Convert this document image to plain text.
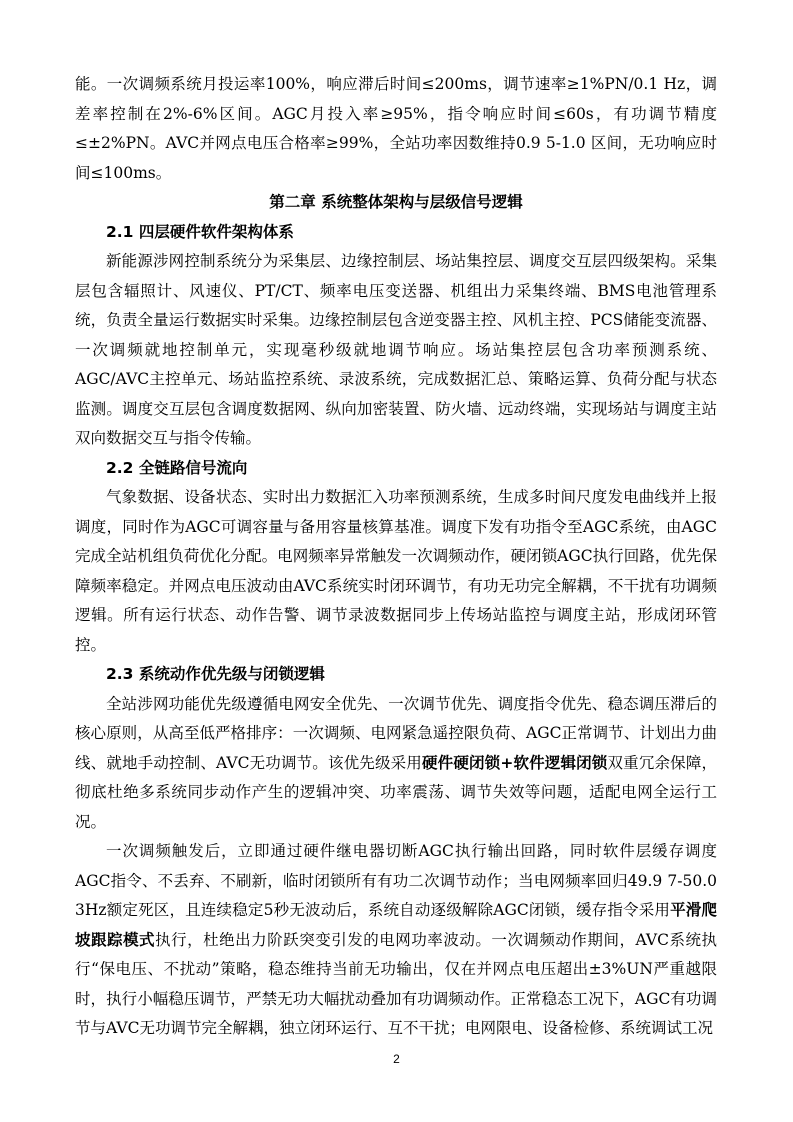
能。一次调频系统月投运率100%，响应滞后时间≤200ms，调节速率≥1%PN/0.1 Hz，调差率控制在2%-6%区间。AGC月投入率≥95%，指令响应时间≤60s，有功调节精度≤±2%PN。AVC并网点电压合格率≥99%，全站功率因数维持0.9 5-1.0 区间，无功响应时间≤100ms。

第二章 系统整体架构与层级信号逻辑
2.1 四层硬件软件架构体系

新能源涉网控制系统分为采集层、边缘控制层、场站集控层、调度交互层四级架构。采集层包含辐照计、风速仪、PT/CT、频率电压变送器、机组出力采集终端、BMS电池管理系统，负责全量运行数据实时采集。边缘控制层包含逆变器主控、风机主控、PCS储能变流器、一次调频就地控制单元，实现毫秒级就地调节响应。场站集控层包含功率预测系统、AGC/AVC主控单元、场站监控系统、录波系统，完成数据汇总、策略运算、负荷分配与状态监测。调度交互层包含调度数据网、纵向加密装置、防火墙、远动终端，实现场站与调度主站双向数据交互与指令传输。

2.2 全链路信号流向

气象数据、设备状态、实时出力数据汇入功率预测系统，生成多时间尺度发电曲线并上报调度，同时作为AGC可调容量与备用容量核算基准。调度下发有功指令至AGC系统，由AGC完成全站机组负荷优化分配。电网频率异常触发一次调频动作，硬闭锁AGC执行回路，优先保障频率稳定。并网点电压波动由AVC系统实时闭环调节，有功无功完全解耦，不干扰有功调频逻辑。所有运行状态、动作告警、调节录波数据同步上传场站监控与调度主站，形成闭环管控。

2.3 系统动作优先级与闭锁逻辑

全站涉网功能优先级遵循电网安全优先、一次调节优先、调度指令优先、稳态调压滞后的核心原则，从高至低严格排序：一次调频、电网紧急遥控限负荷、AGC正常调节、计划出力曲线、就地手动控制、AVC无功调节。该优先级采用硬件硬闭锁+软件逻辑闭锁双重冗余保障，彻底杜绝多系统同步动作产生的逻辑冲突、功率震荡、调节失效等问题，适配电网全运行工况。

一次调频触发后，立即通过硬件继电器切断AGC执行输出回路，同时软件层缓存调度AGC指令、不丢弃、不刷新，临时闭锁所有有功二次调节动作；当电网频率回归49.9 7-50.0 3Hz额定死区，且连续稳定5秒无波动后，系统自动逐级解除AGC闭锁，缓存指令采用平滑爬坡跟踪模式执行，杜绝出力阶跃突变引发的电网功率波动。一次调频动作期间，AVC系统执行“保电压、不扰动”策略，稳态维持当前无功输出，仅在并网点电压超出±3%UN严重越限时，执行小幅稳压调节，严禁无功大幅扰动叠加有功调频动作。正常稳态工况下，AGC有功调节与AVC无功调节完全解耦，独立闭环运行、互不干扰；电网限电、设备检修、系统调试工况

2
